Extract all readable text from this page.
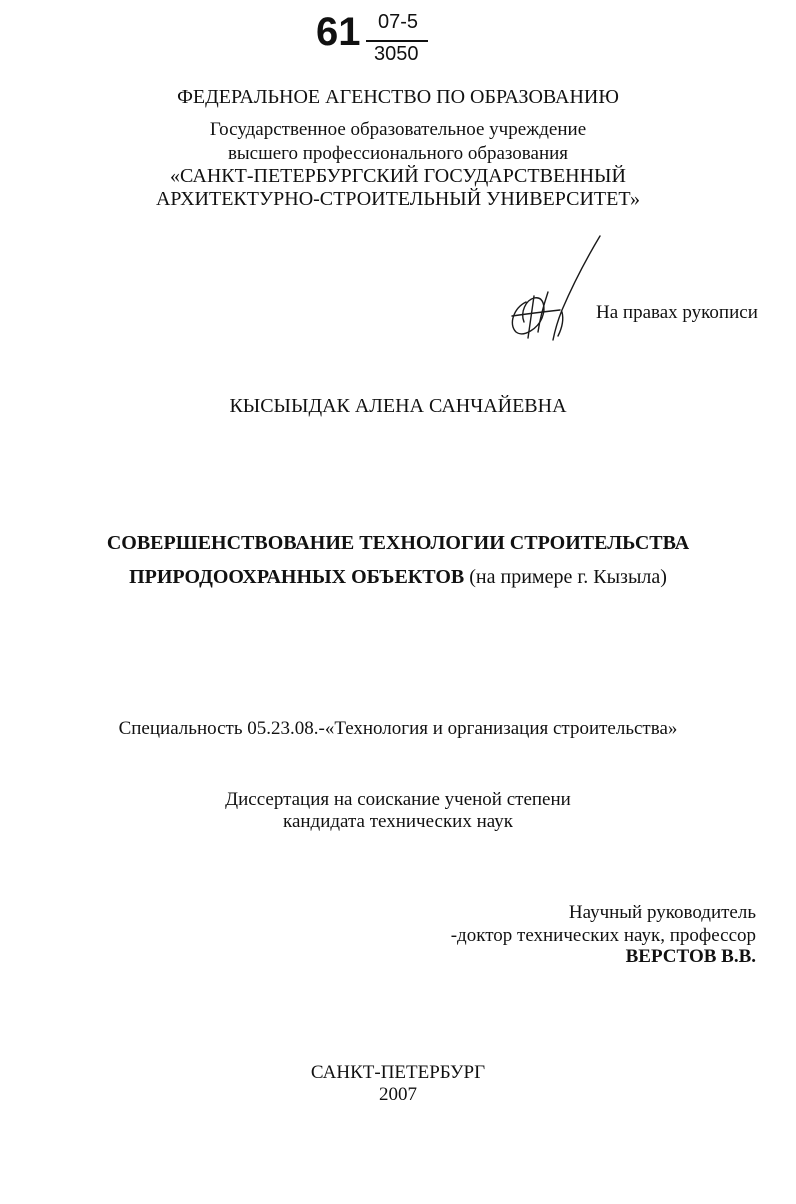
61 07-5
3050
ФЕДЕРАЛЬНОЕ АГЕНСТВО ПО ОБРАЗОВАНИЮ
Государственное образовательное учреждение
высшего профессионального образования
«САНКТ-ПЕТЕРБУРГСКИЙ ГОСУДАРСТВЕННЫЙ
АРХИТЕКТУРНО-СТРОИТЕЛЬНЫЙ УНИВЕРСИТЕТ»
На правах рукописи
КЫСЫЫДАК АЛЕНА САНЧАЙЕВНА
СОВЕРШЕНСТВОВАНИЕ ТЕХНОЛОГИИ СТРОИТЕЛЬСТВА
ПРИРОДООХРАННЫХ ОБЪЕКТОВ (на примере г. Кызыла)
Специальность 05.23.08.-«Технология и организация строительства»
Диссертация на соискание ученой степени
кандидата технических наук
Научный руководитель
-доктор технических наук, профессор
ВЕРСТОВ В.В.
САНКТ-ПЕТЕРБУРГ
2007
